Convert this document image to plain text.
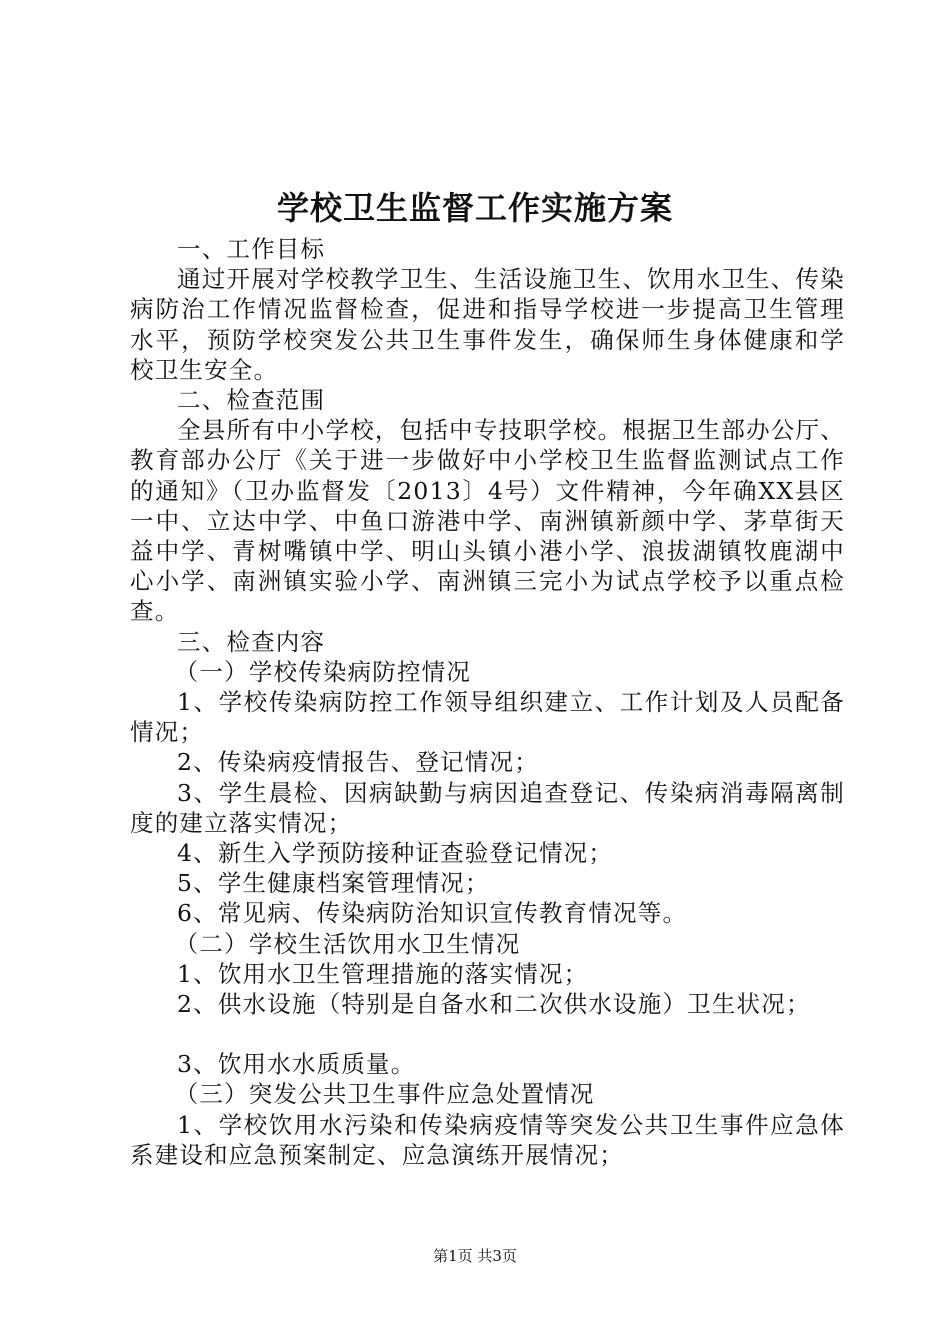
学校卫生监督工作实施方案

一、工作目标

通过开展对学校教学卫生、生活设施卫生、饮用水卫生、传染病防治工作情况监督检查，促进和指导学校进一步提高卫生管理水平，预防学校突发公共卫生事件发生，确保师生身体健康和学校卫生安全。

二、检查范围

全县所有中小学校，包括中专技职学校。根据卫生部办公厅、教育部办公厅《关于进一步做好中小学校卫生监督监测试点工作的通知》（卫办监督发〔2013〕4号）文件精神，今年确XX县区一中、立达中学、中鱼口游港中学、南洲镇新颜中学、茅草街天益中学、青树嘴镇中学、明山头镇小港小学、浪拔湖镇牧鹿湖中心小学、南洲镇实验小学、南洲镇三完小为试点学校予以重点检查。

三、检查内容

（一）学校传染病防控情况

1、学校传染病防控工作领导组织建立、工作计划及人员配备情况；

2、传染病疫情报告、登记情况；

3、学生晨检、因病缺勤与病因追查登记、传染病消毒隔离制度的建立落实情况；

4、新生入学预防接种证查验登记情况；

5、学生健康档案管理情况；

6、常见病、传染病防治知识宣传教育情况等。

（二）学校生活饮用水卫生情况

1、饮用水卫生管理措施的落实情况；

2、供水设施（特别是自备水和二次供水设施）卫生状况；

3、饮用水水质质量。

（三）突发公共卫生事件应急处置情况

1、学校饮用水污染和传染病疫情等突发公共卫生事件应急体系建设和应急预案制定、应急演练开展情况；

第1页 共3页
